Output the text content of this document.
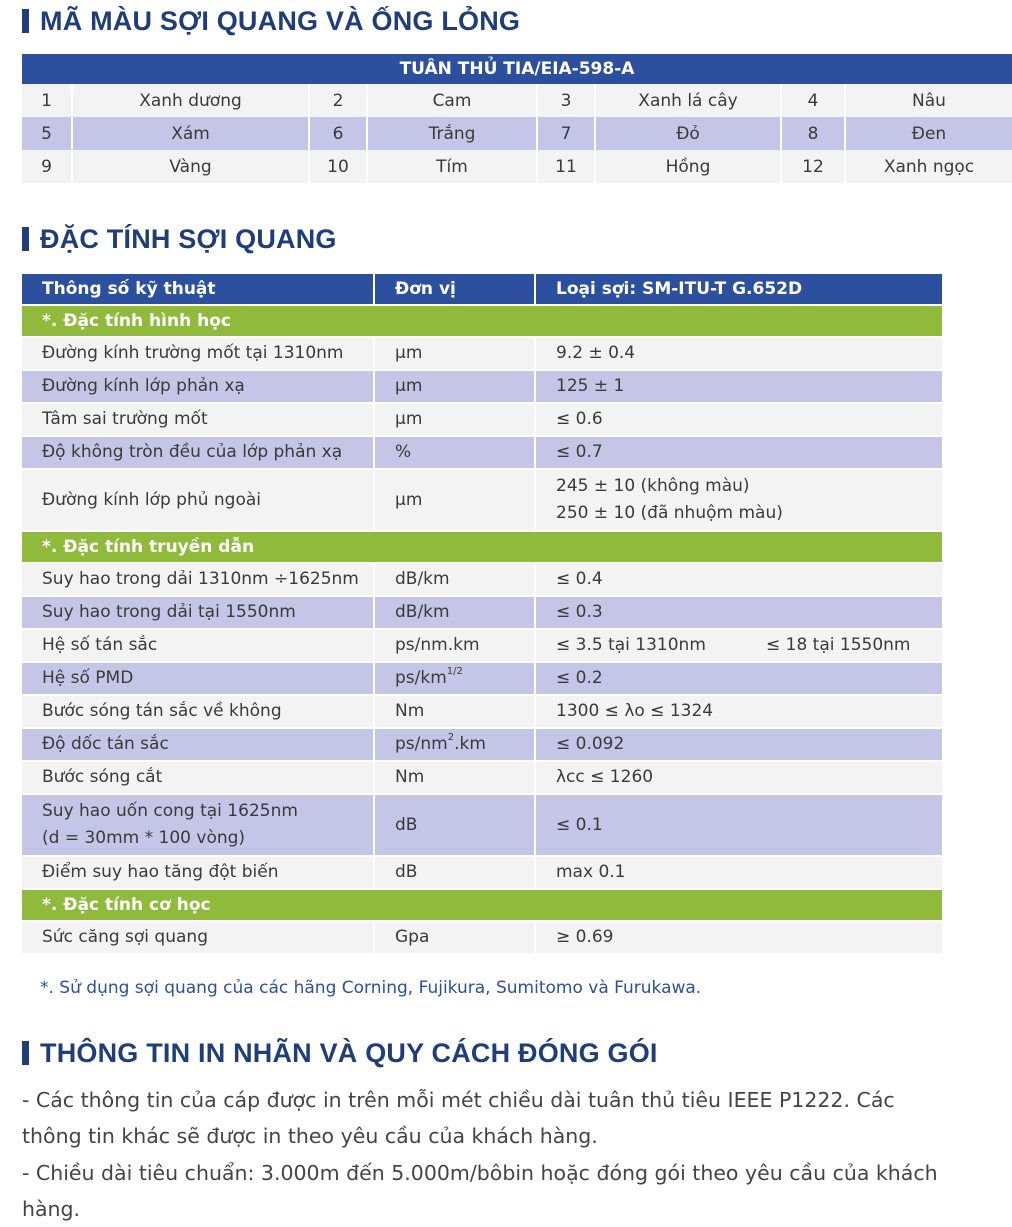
MÃ MÀU SỢI QUANG VÀ ỐNG LỎNG
TUÂN THỦ TIA/EIA-598-A							
1	Xanh dương	2	Cam	3	Xanh lá cây	4	Nâu
5	Xám	6	Trắng	7	Đỏ	8	Đen
9	Vàng	10	Tím	11	Hồng	12	Xanh ngọc
ĐẶC TÍNH SỢI QUANG
Thông số kỹ thuật	Đơn vị	Loại sợi: SM-ITU-T G.652D
*. Đặc tính hình học		
Đường kính trường mốt tại 1310nm	µm	9.2 ± 0.4
Đường kính lớp phản xạ	µm	125 ± 1
Tâm sai trường mốt	µm	≤ 0.6
Độ không tròn đều của lớp phản xạ	%	≤ 0.7
Đường kính lớp phủ ngoài	µm	245 ± 10 (không màu)
250 ± 10 (đã nhuộm màu)

*. Đặc tính truyền dẫn		
Suy hao trong dải 1310nm ÷1625nm	dB/km	≤ 0.4
Suy hao trong dải tại 1550nm	dB/km	≤ 0.3
Hệ số tán sắc	ps/nm.km	≤ 3.5 tại 1310nm ≤ 18 tại 1550nm

Hệ số PMD	$ps/km^{1/2}$	≤ 0.2
Bước sóng tán sắc về không	Nm	1300 ≤ λo ≤ 1324
Độ dốc tán sắc	$ps/nm^2.km$	≤ 0.092
Bước sóng cắt	Nm	λcc ≤ 1260

Suy hao uốn cong tại 1625nm
(d = 30mm * 100 vòng)	dB	≤ 0.1
Điểm suy hao tăng đột biến	dB	max 0.1
*. Đặc tính cơ học		
Sức căng sợi quang	Gpa	≥ 0.69
*. Sử dụng sợi quang của các hãng Corning, Fujikura, Sumitomo và Furukawa.
THÔNG TIN IN NHÃN VÀ QUY CÁCH ĐÓNG GÓI
- Các thông tin của cáp được in trên mỗi mét chiều dài tuân thủ tiêu IEEE P1222. Các thông tin khác sẽ được in theo yêu cầu của khách hàng.
- Chiều dài tiêu chuẩn: 3.000m đến 5.000m/bôbin hoặc đóng gói theo yêu cầu của khách hàng.
